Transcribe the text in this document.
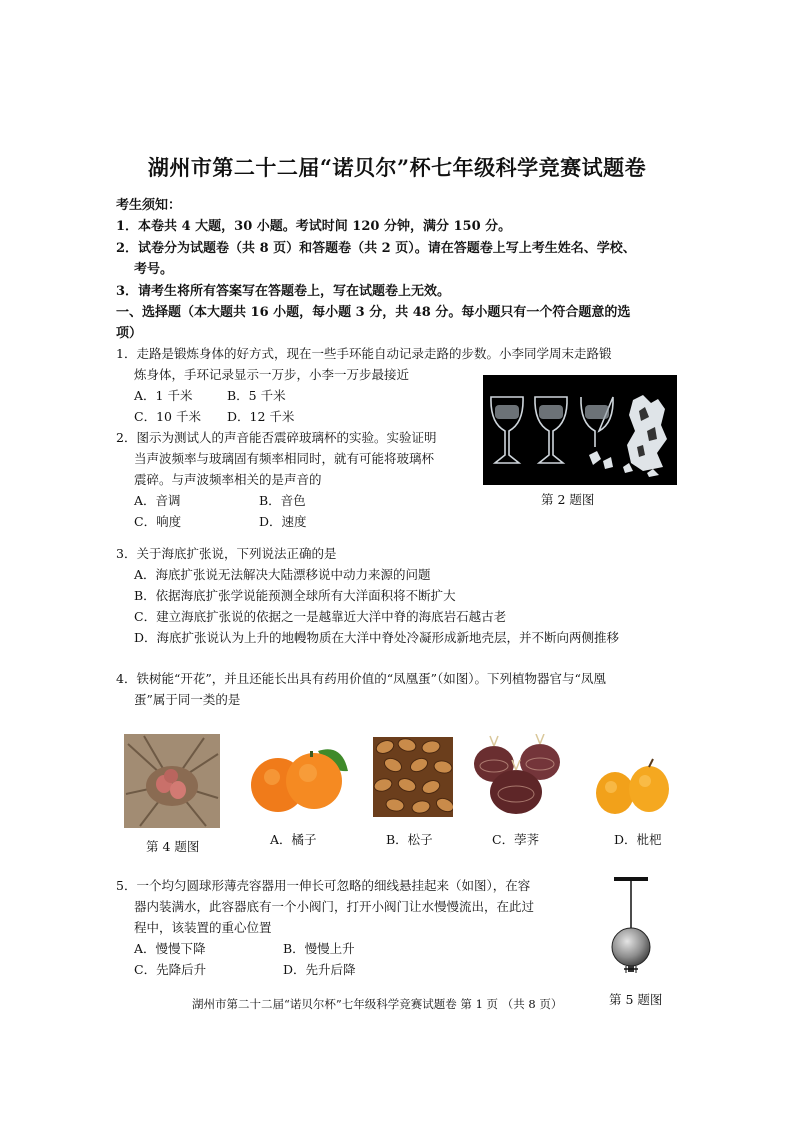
湖州市第二十二届“诺贝尔”杯七年级科学竞赛试题卷
考生须知：
1．本卷共 4 大题，30 小题。考试时间 120 分钟，满分 150 分。
2．试卷分为试题卷（共 8 页）和答题卷（共 2 页）。请在答题卷上写上考生姓名、学校、
考号。
3．请考生将所有答案写在答题卷上，写在试题卷上无效。
一、选择题（本大题共 16 小题，每小题 3 分，共 48 分。每小题只有一个符合题意的选
项）
1．走路是锻炼身体的好方式，现在一些手环能自动记录走路的步数。小李同学周末走路锻
炼身体，手环记录显示一万步，小李一万步最接近
A．1 千米	B．5 千米
C．10 千米 D．12 千米
2．图示为测试人的声音能否震碎玻璃杯的实验。实验证明
当声波频率与玻璃固有频率相同时，就有可能将玻璃杯
震碎。与声波频率相关的是声音的
A．音调	B．音色
C．响度	D．速度
第 2 题图
3．关于海底扩张说，下列说法正确的是
A．海底扩张说无法解决大陆漂移说中动力来源的问题
B．依据海底扩张学说能预测全球所有大洋面积将不断扩大
C．建立海底扩张说的依据之一是越靠近大洋中脊的海底岩石越古老
D．海底扩张说认为上升的地幔物质在大洋中脊处冷凝形成新地壳层，并不断向两侧推移
4．铁树能“开花”，并且还能长出具有药用价值的“凤凰蛋”（如图）。下列植物器官与“凤凰
蛋”属于同一类的是
第 4 题图	A．橘子	B．松子	C．荸荠	D．枇杷
5．一个均匀圆球形薄壳容器用一伸长可忽略的细线悬挂起来（如图），在容
器内装满水，此容器底有一个小阀门，打开小阀门让水慢慢流出，在此过
程中，该装置的重心位置
A．慢慢下降	B．慢慢上升
C．先降后升	D．先升后降
第 5 题图
湖州市第二十二届“诺贝尔杯”七年级科学竞赛试题卷 第 1 页 （共 8 页）
